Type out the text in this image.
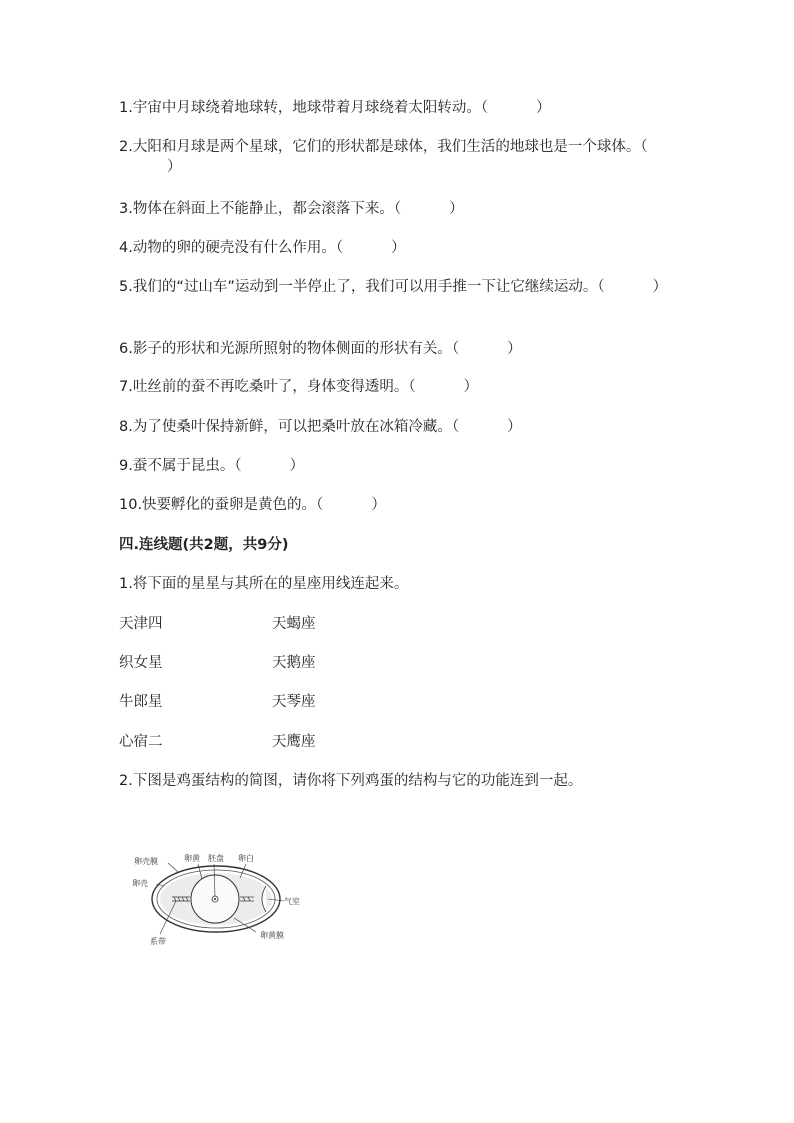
1.宇宙中月球绕着地球转，地球带着月球绕着太阳转动。（	）
2.大阳和月球是两个星球，它们的形状都是球体，我们生活的地球也是一个球体。（）
3.物体在斜面上不能静止，都会滚落下来。（	）
4.动物的卵的硬壳没有什么作用。（	）
5.我们的“过山车”运动到一半停止了，我们可以用手推一下让它继续运动。（	）
6.影子的形状和光源所照射的物体侧面的形状有关。（	）
7.吐丝前的蚕不再吃桑叶了，身体变得透明。（	）
8.为了使桑叶保持新鲜，可以把桑叶放在冰箱冷藏。（	）
9.蚕不属于昆虫。（	）
10.快要孵化的蚕卵是黄色的。（	）
四.连线题(共2题，共9分)
1.将下面的星星与其所在的星座用线连起来。
天津四	天蝎座
织女星	天鹅座
牛郎星	天琴座
心宿二	天鹰座
2.下图是鸡蛋结构的简图，请你将下列鸡蛋的结构与它的功能连到一起。
卵壳膜
卵壳
卵黄 胚盘 卵白
气室
系带
卵黄膜
